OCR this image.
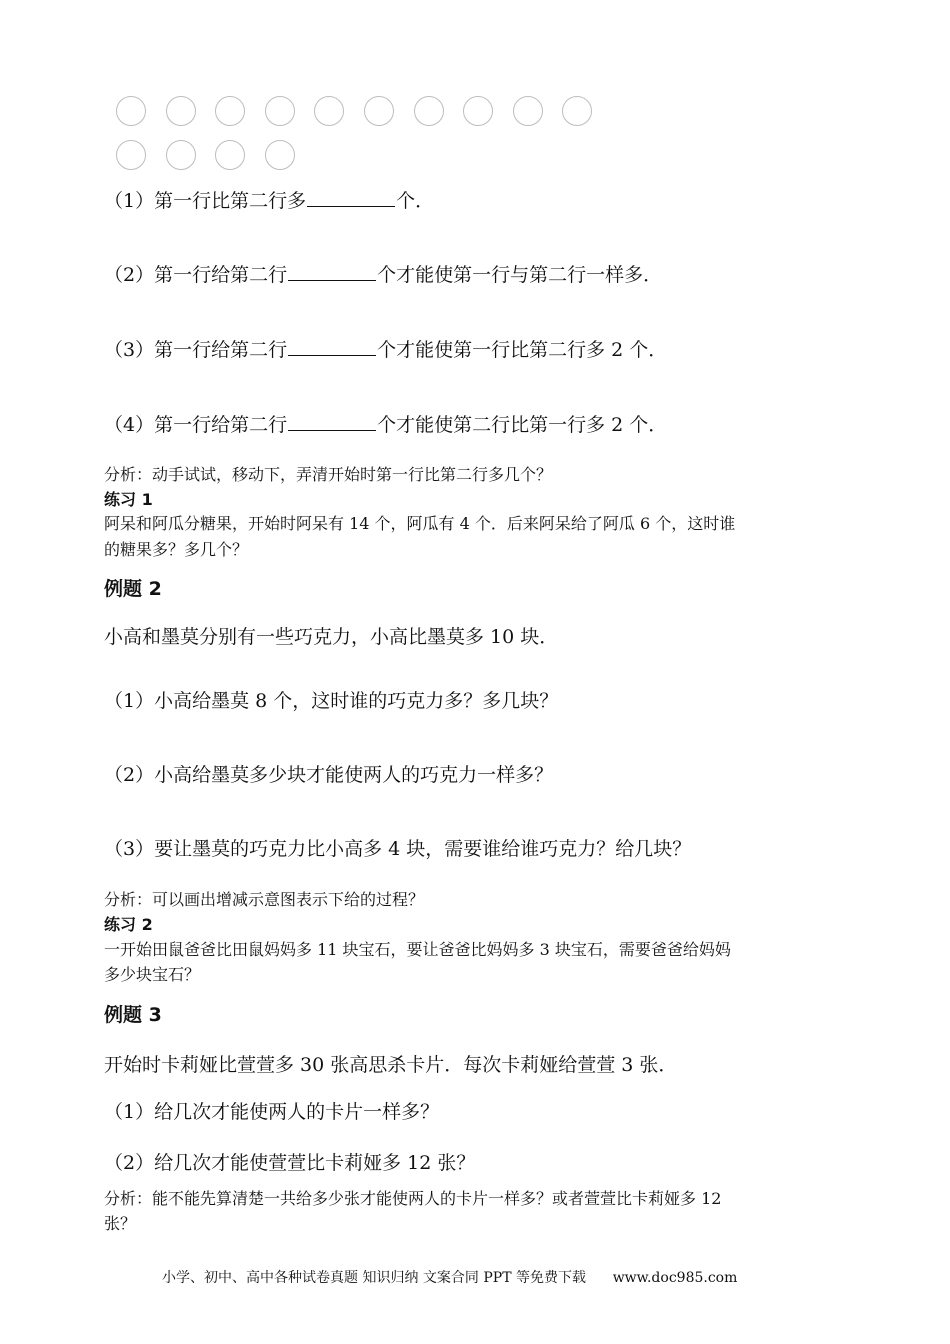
（1）第一行比第二行多	个．
（2）第一行给第二行	个才能使第一行与第二行一样多．
（3）第一行给第二行	个才能使第一行比第二行多 2 个．
（4）第一行给第二行	个才能使第二行比第一行多 2 个．
分析：动手试试，移动下，弄清开始时第一行比第二行多几个？
练习 1
阿呆和阿瓜分糖果，开始时阿呆有 14 个，阿瓜有 4 个．后来阿呆给了阿瓜 6 个，这时谁
的糖果多？多几个？
例题 2
小高和墨莫分别有一些巧克力，小高比墨莫多 10 块．
（1）小高给墨莫 8 个，这时谁的巧克力多？多几块？
（2）小高给墨莫多少块才能使两人的巧克力一样多？
（3）要让墨莫的巧克力比小高多 4 块，需要谁给谁巧克力？给几块？
分析：可以画出增减示意图表示下给的过程？
练习 2
一开始田鼠爸爸比田鼠妈妈多 11 块宝石，要让爸爸比妈妈多 3 块宝石，需要爸爸给妈妈
多少块宝石？
例题 3
开始时卡莉娅比萱萱多 30 张高思杀卡片．每次卡莉娅给萱萱 3 张．
（1）给几次才能使两人的卡片一样多？
（2）给几次才能使萱萱比卡莉娅多 12 张？
分析：能不能先算清楚一共给多少张才能使两人的卡片一样多？或者萱萱比卡莉娅多 12
张？
小学、初中、高中各种试卷真题 知识归纳 文案合同 PPT 等免费下载 www.doc985.com
